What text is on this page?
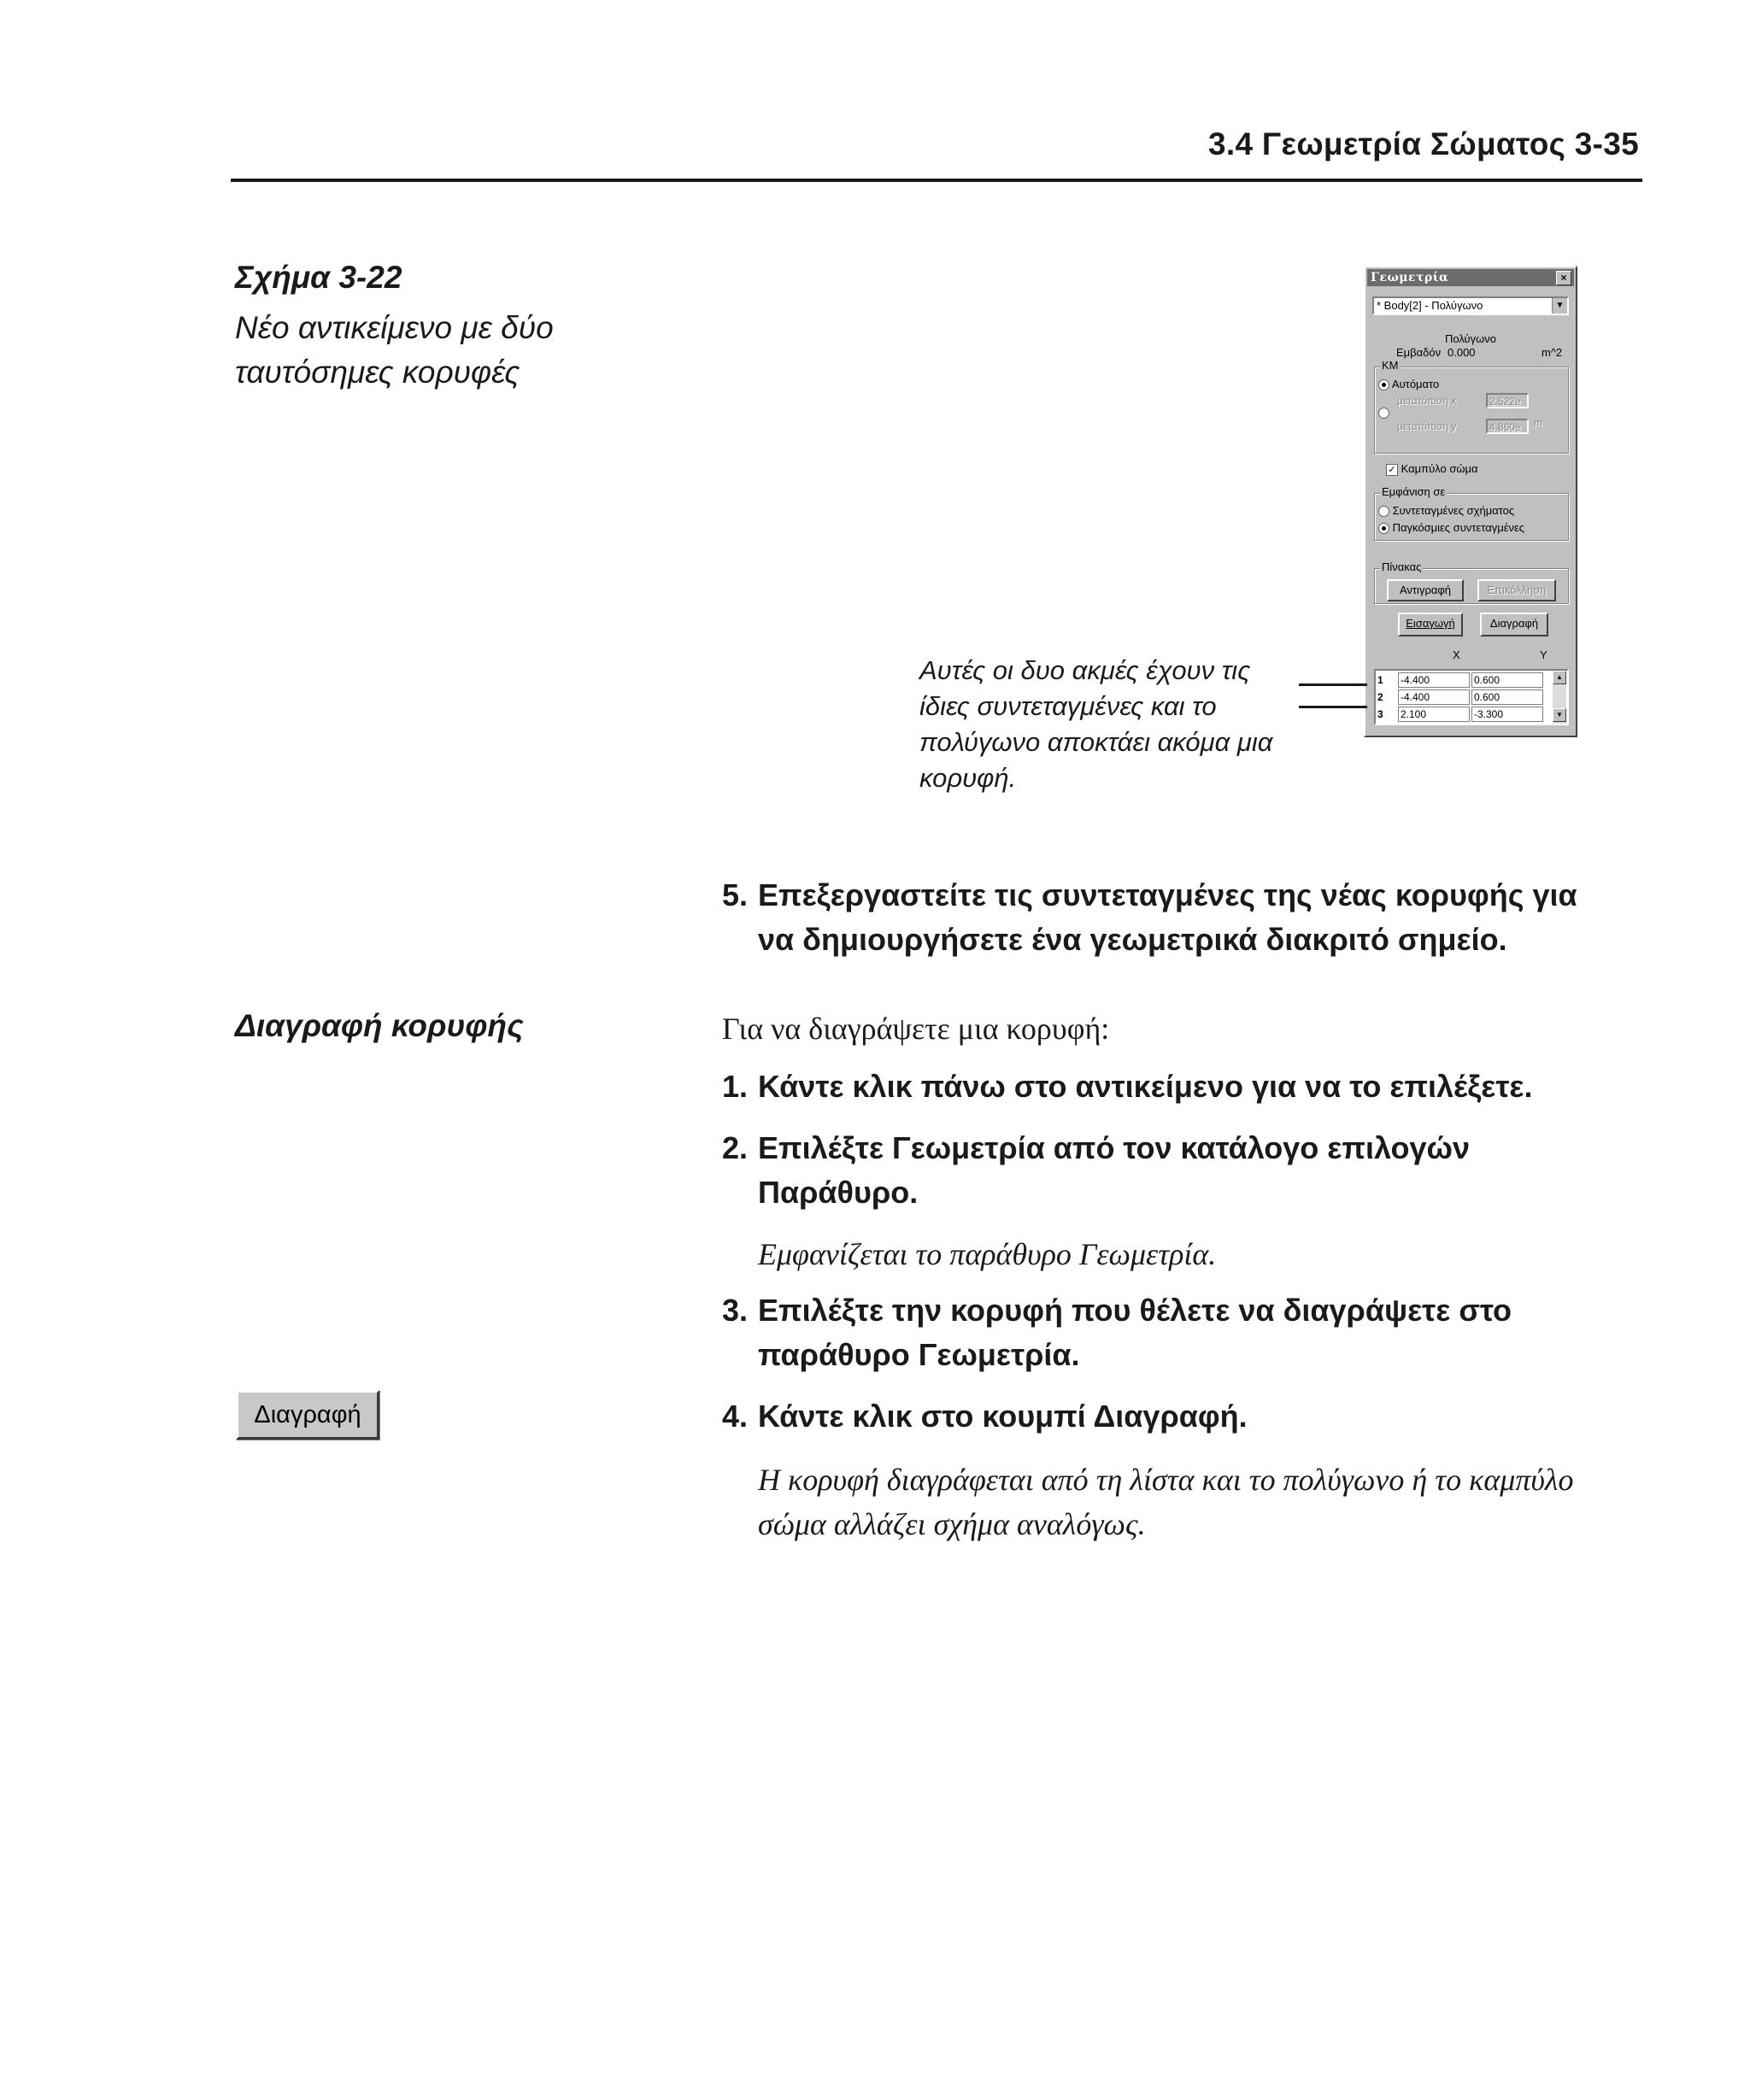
3.4 Γεωμετρία Σώματος 3-35
Σχήμα 3-22
Νέο αντικείμενο με δύο ταυτόσημες κορυφές
Γεωμετρία	×
* Body[2] - Πολύγωνο	▼
Πολύγωνο
Εμβαδόν 0.000	m^2
ΚΜ
Αυτόματο
μετατόπιση x	2.522e
μετατόπιση y	4.860e m
✓ Καμπύλο σώμα
Εμφάνιση σε
Συντεταγμένες σχήματος
Παγκόσμιες συντεταγμένες
Πίνακας
Αντιγραφή	Επικόλληση
Εισαγωγή	Διαγραφή
X	Y
1	-4.400	0.600
2	-4.400	0.600
3	2.100	-3.300
▲
▼
Αυτές οι δυο ακμές έχουν τις ίδιες συντεταγμένες και το πολύγωνο αποκτάει ακόμα μια κορυφή.
5. Επεξεργαστείτε τις συντεταγμένες της νέας κορυφής για
να δημιουργήσετε ένα γεωμετρικά διακριτό σημείο.
Διαγραφή κορυφής	Για να διαγράψετε μια κορυφή:
1. Κάντε κλικ πάνω στο αντικείμενο για να το επιλέξετε.
2. Επιλέξτε Γεωμετρία από τον κατάλογο επιλογών
Παράθυρο.
Εμφανίζεται το παράθυρο Γεωμετρία.
3. Επιλέξτε την κορυφή που θέλετε να διαγράψετε στο
παράθυρο Γεωμετρία.
4. Κάντε κλικ στο κουμπί Διαγραφή.
Η κορυφή διαγράφεται από τη λίστα και το πολύγωνο ή το καμπύλο
σώμα αλλάζει σχήμα αναλόγως.
Διαγραφή
